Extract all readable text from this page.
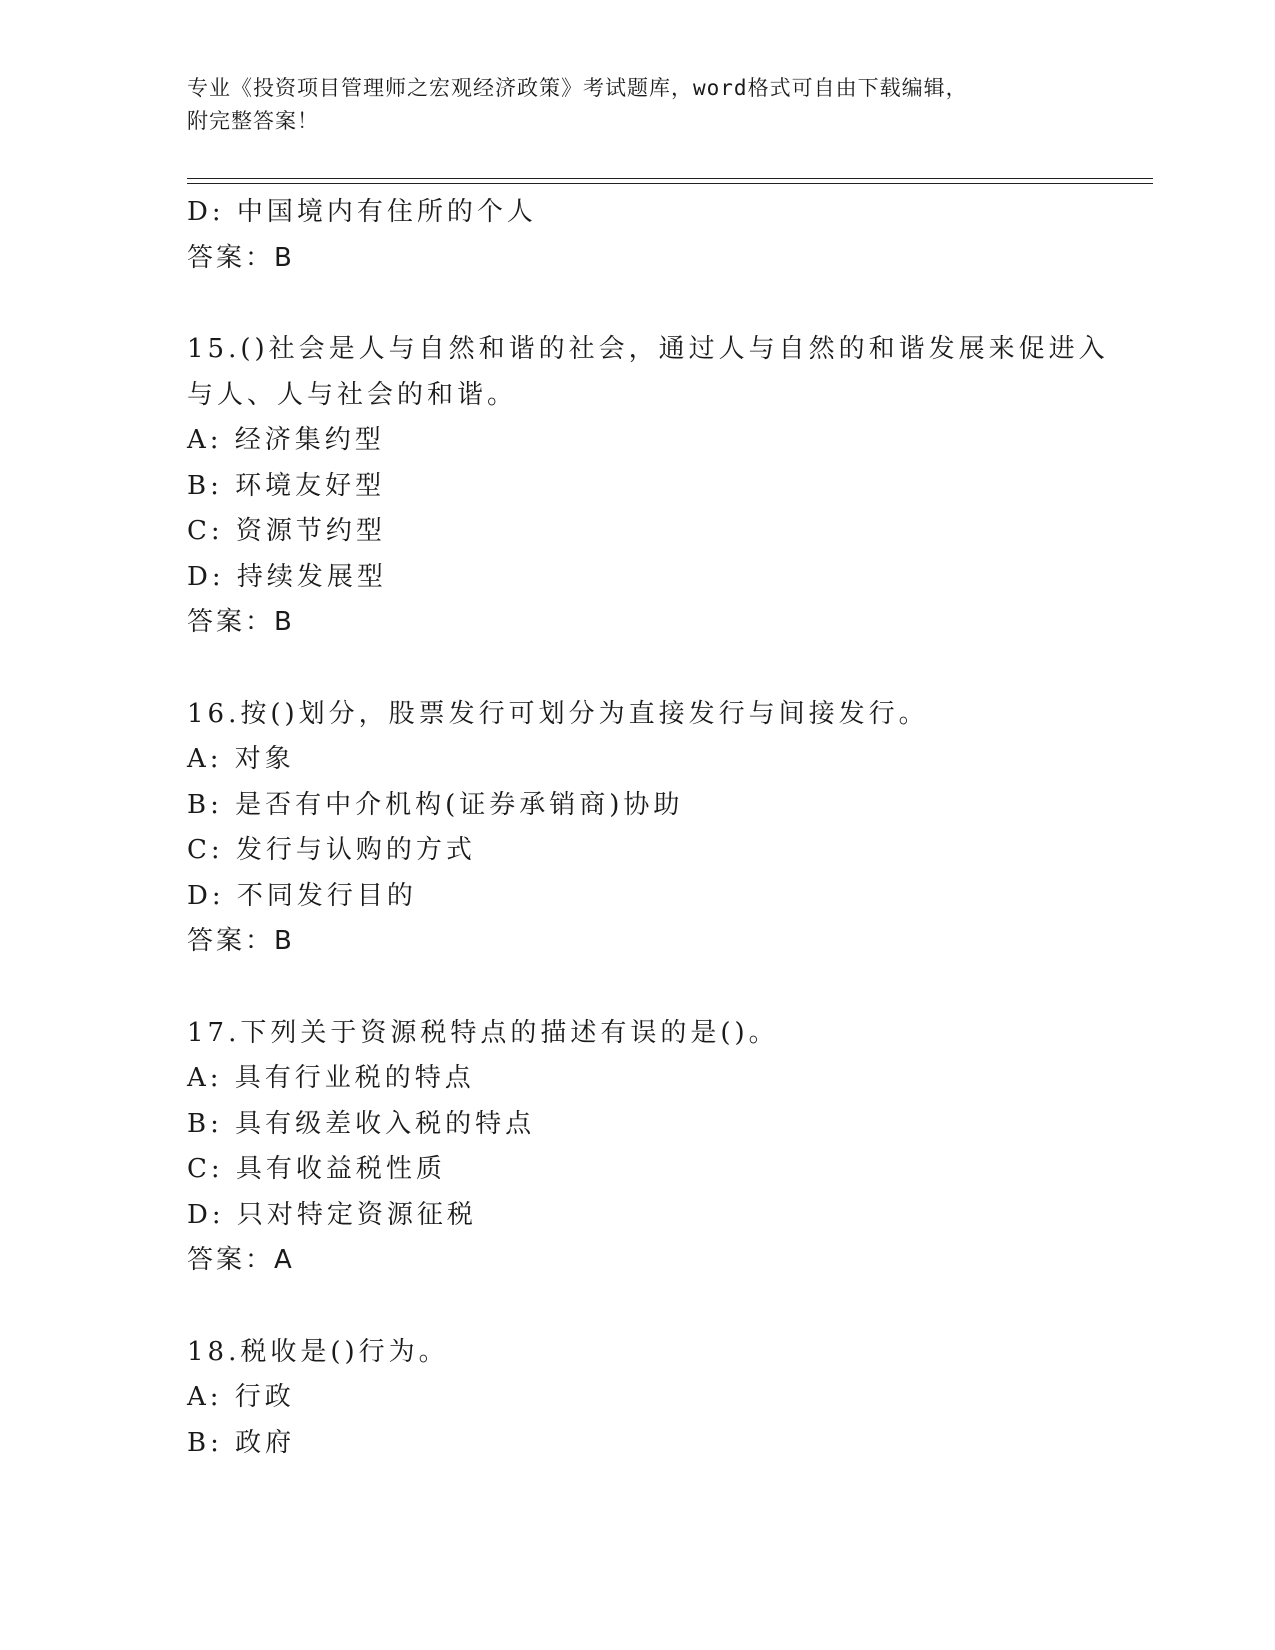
专业《投资项目管理师之宏观经济政策》考试题库，word格式可自由下载编辑，
附完整答案！
D: 中国境内有住所的个人
答案：B
15.()社会是人与自然和谐的社会，通过人与自然的和谐发展来促进入
与人、人与社会的和谐。
A: 经济集约型
B: 环境友好型
C: 资源节约型
D: 持续发展型
答案：B
16.按()划分，股票发行可划分为直接发行与间接发行。
A: 对象
B: 是否有中介机构(证券承销商)协助
C: 发行与认购的方式
D: 不同发行目的
答案：B
17.下列关于资源税特点的描述有误的是()。
A: 具有行业税的特点
B: 具有级差收入税的特点
C: 具有收益税性质
D: 只对特定资源征税
答案：A
18.税收是()行为。
A: 行政
B: 政府
